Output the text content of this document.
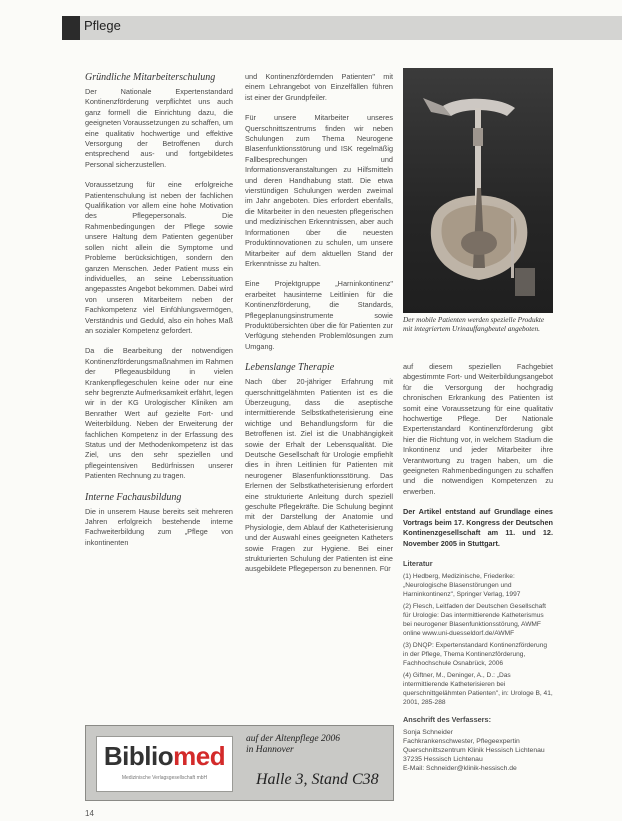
Pflege
Gründliche Mitarbeiterschulung

Der Nationale Expertenstandard Kontinenzförderung verpflichtet uns auch ganz formell die Einrichtung dazu, die geeigneten Voraussetzungen zu schaffen, um eine qualitativ hochwertige und effektive Versorgung der Betroffenen durch entsprechend aus- und fortgebildetes Personal sicherzustellen.

Voraussetzung für eine erfolgreiche Patientenschulung ist neben der fachlichen Qualifikation vor allem eine hohe Motivation des Pflegepersonals. Die Rahmenbedingungen der Pflege sowie unsere Haltung dem Patienten gegenüber sollen nicht allein die Symptome und Probleme berücksichtigen, sondern den ganzen Menschen. Jeder Patient muss ein individuelles, an seine Lebenssituation angepasstes Angebot bekommen. Dabei wird von unseren Mitarbeitern neben der Fachkompetenz viel Einfühlungsvermögen, Verständnis und Geduld, also ein hohes Maß an sozialer Kompetenz gefordert.

Da die Bearbeitung der notwendigen Kontinenzförderungsmaßnahmen im Rahmen der Pflegeausbildung in vielen Krankenpflegeschulen keine oder nur eine sehr begrenzte Aufmerksamkeit erfährt, legen wir in der KG Urologischer Kliniken am Benrather Wert auf gezielte Fort- und Weiterbildung. Neben der Erweiterung der fachlichen Kompetenz in der Erfassung des Status und der Methodenkompetenz ist das Ziel, uns den sehr speziellen und pflegeintensiven Bedürfnissen unserer Patienten Rechnung zu tragen.

Interne Fachausbildung

Die in unserem Hause bereits seit mehreren Jahren erfolgreich bestehende interne Fachweiterbildung zum „Pflege von inkontinenten

und Kontinenzfördernden Patienten" mit einem Lehrangebot von Einzelfällen führen ist einer der Grundpfeiler.

Für unsere Mitarbeiter unseres Querschnittszentrums finden wir neben Schulungen zum Thema Neurogene Blasenfunktionsstörung und ISK regelmäßig Fallbesprechungen und Informationsveranstaltungen zu Hilfsmitteln und deren Handhabung statt. Die etwa vierstündigen Schulungen werden zweimal im Jahr angeboten. Dies erfordert ebenfalls, die Mitarbeiter in den neuesten pflegerischen und medizinischen Erkenntnissen, aber auch Informationen über die neuesten Produktinnovationen zu schulen, um unsere Mitarbeiter auf dem aktuellen Stand der Erkenntnisse zu halten.

Eine Projektgruppe „Harninkontinenz" erarbeitet hausinterne Leitlinien für die Kontinenzförderung, die Standards, Pflegeplanungsinstrumente sowie Produktübersichten über die für Patienten zur Verfügung stehenden Problemlösungen zum Umgang.

Lebenslange Therapie

Nach über 20-jähriger Erfahrung mit querschnittgelähmten Patienten ist es die Überzeugung, dass die aseptische intermittierende Selbstkatheterisierung eine wichtige und Behandlungsform für die Betroffenen ist. Ziel ist die Unabhängigkeit sowie der Erhalt der Lebensqualität. Die Deutsche Gesellschaft für Urologie empfiehlt dies in ihren Leitlinien für Patienten mit neurogener Blasenfunktionsstörung. Das Erlernen der Selbstkatheterisierung erfordert eine strukturierte Anleitung durch speziell geschulte Pflegekräfte. Die Schulung beginnt mit der Darstellung der Anatomie und Physiologie, dem Ablauf der Katheterisierung und der Auswahl eines geeigneten Katheters sowie Fragen zur Hygiene. Bei einer strukturierten Schulung der Patienten ist eine ausgebildete Pflegeperson zu benennen. Für

Der mobile Patienten werden spezielle Produkte mit integriertem Urinauffangbeutel angeboten.

auf diesem speziellen Fachgebiet abgestimmte Fort- und Weiterbildungsangebot für die Versorgung der hochgradig chronischen Erkrankung des Patienten ist somit eine Voraussetzung für eine qualitativ hochwertige Pflege. Der Nationale Expertenstandard Kontinenzförderung gibt hier die Richtung vor, in welchem Stadium die Inkontinenz und jeder Mitarbeiter ihre Verantwortung zu tragen haben, um die geeigneten Rahmenbedingungen zu schaffen und die notwendigen Kompetenzen zu erwerben.

Der Artikel entstand auf Grundlage eines Vortrags beim 17. Kongress der Deutschen Kontinenzgesellschaft am 11. und 12. November 2005 in Stuttgart.

Literatur
(1) Hedberg, Medizinische, Friederike: „Neurologische Blasenstörungen und Harninkontinenz", Springer Verlag, 1997
(2) Flesch, Leitfaden der Deutschen Gesellschaft für Urologie: Das intermittierende Katheterismus bei neurogener Blasenfunktionsstörung, AWMF online www.uni-duesseldorf.de/AWMF
(3) DNQP: Expertenstandard Kontinenzförderung in der Pflege, Thema Kontinenzförderung, Fachhochschule Osnabrück, 2006
(4) Giftner, M., Deninger, A., D.: „Das intermittierende Katheterisieren bei querschnittgelähmten Patienten", in: Urologe B, 41, 2001, 285-288
Anschrift des Verfassers:
Sonja Schneider
Fachkrankenschwester, Pflegeexpertin
Querschnittszentrum Klinik Hessisch Lichtenau
37235 Hessisch Lichtenau
E-Mail: Schneider@klinik-hessisch.de
Bibliomed
Medizinische Verlagsgesellschaft mbH
auf der Altenpflege 2006
in Hannover
Halle 3, Stand C38
14
